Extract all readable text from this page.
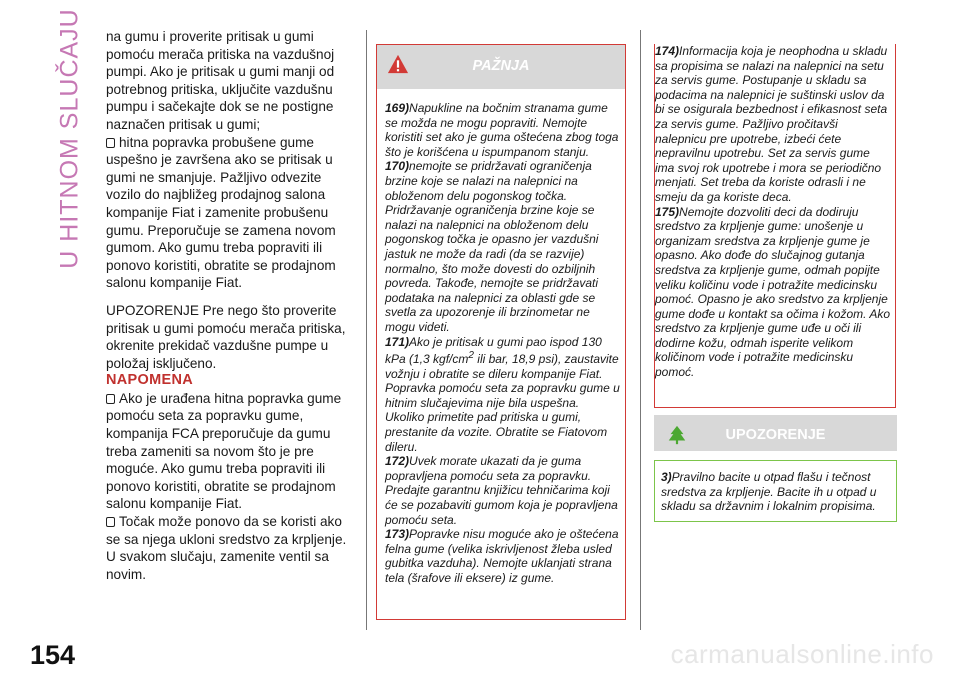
U HITNOM SLUČAJU na gumu i proverite pritisak u gumi pomoću merača pritiska na vazdušnoj pumpi. Ako je pritisak u gumi manji od potrebnog pritiska, uključite vazdušnu pumpu i sačekajte dok se ne postigne naznačen pritisak u gumi;

hitna popravka probušene gume uspešno je završena ako se pritisak u gumi ne smanjuje. Pažljivo odvezite vozilo do najbližeg prodajnog salona kompanije Fiat i zamenite probušenu gumu. Preporučuje se zamena novom gumom. Ako gumu treba popraviti ili ponovo koristiti, obratite se prodajnom salonu kompanije Fiat.

UPOZORENJE Pre nego što proverite pritisak u gumi pomoću merača pritiska, okrenite prekidač vazdušne pumpe u položaj isključeno.

NAPOMENA

Ako je urađena hitna popravka gume pomoću seta za popravku gume, kompanija FCA preporučuje da gumu treba zameniti sa novom što je pre moguće. Ako gumu treba popraviti ili ponovo koristiti, obratite se prodajnom salonu kompanije Fiat.

Točak može ponovo da se koristi ako se sa njega ukloni sredstvo za krpljenje. U svakom slučaju, zamenite ventil sa novim.

PAŽNJA

169)Napukline na bočnim stranama gume se možda ne mogu popraviti. Nemojte koristiti set ako je guma oštećena zbog toga što je korišćena u ispumpanom stanju.

170)nemojte se pridržavati ograničenja brzine koje se nalazi na nalepnici na obloženom delu pogonskog točka. Pridržavanje ograničenja brzine koje se nalazi na nalepnici na obloženom delu pogonskog točka je opasno jer vazdušni jastuk ne može da radi (da se razvije) normalno, što može dovesti do ozbiljnih povreda. Takođe, nemojte se pridržavati podataka na nalepnici za oblasti gde se svetla za upozorenje ili brzinometar ne mogu videti.

171)Ako je pritisak u gumi pao ispod 130 kPa (1,3 kgf/$cm^2$ ili bar, 18,9 psi), zaustavite vožnju i obratite se dileru kompanije Fiat. Popravka pomoću seta za popravku gume u hitnim slučajevima nije bila uspešna. Ukoliko primetite pad pritiska u gumi, prestanite da vozite. Obratite se Fiatovom dileru.

172)Uvek morate ukazati da je guma popravljena pomoću seta za popravku. Predajte garantnu knjižicu tehničarima koji će se pozabaviti gumom koja je popravljena pomoću seta.

173)Popravke nisu moguće ako je oštećena felna gume (velika iskrivljenost žleba usled gubitka vazduha). Nemojte uklanjati strana tela (šrafove ili eksere) iz gume.

174)Informacija koja je neophodna u skladu sa propisima se nalazi na nalepnici na setu za servis gume. Postupanje u skladu sa podacima na nalepnici je suštinski uslov da bi se osigurala bezbednost i efikasnost seta za servis gume. Pažljivo pročitavši nalepnicu pre upotrebe, izbeći ćete nepravilnu upotrebu. Set za servis gume ima svoj rok upotrebe i mora se periodično menjati. Set treba da koriste odrasli i ne smeju da ga koriste deca.

175)Nemojte dozvoliti deci da dodiruju sredstvo za krpljenje gume: unošenje u organizam sredstva za krpljenje gume je opasno. Ako dođe do slučajnog gutanja sredstva za krpljenje gume, odmah popijte veliku količinu vode i potražite medicinsku pomoć. Opasno je ako sredstvo za krpljenje gume dođe u kontakt sa očima i kožom. Ako sredstvo za krpljenje gume uđe u oči ili dodirne kožu, odmah isperite velikom količinom vode i potražite medicinsku pomoć.

UPOZORENJE

3)Pravilno bacite u otpad flašu i tečnost sredstva za krpljenje. Bacite ih u otpad u skladu sa državnim i lokalnim propisima.

154	carmanualsonline.info
